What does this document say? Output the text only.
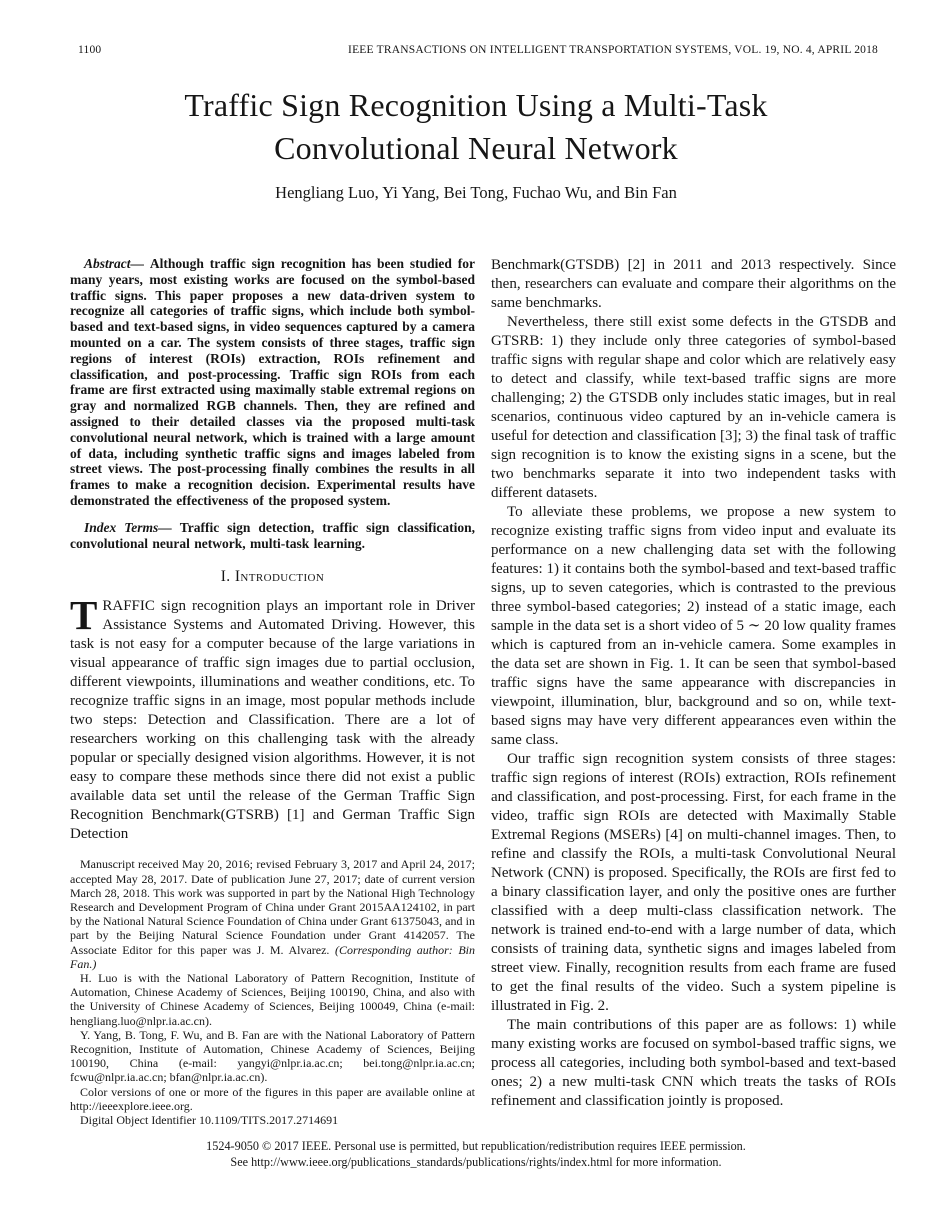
1100	IEEE TRANSACTIONS ON INTELLIGENT TRANSPORTATION SYSTEMS, VOL. 19, NO. 4, APRIL 2018
Traffic Sign Recognition Using a Multi-Task
Convolutional Neural Network
Hengliang Luo, Yi Yang, Bei Tong, Fuchao Wu, and Bin Fan

Abstract— Although traffic sign recognition has been studied for many years, most existing works are focused on the symbol-based traffic signs. This paper proposes a new data-driven system to recognize all categories of traffic signs, which include both symbol-based and text-based signs, in video sequences captured by a camera mounted on a car. The system consists of three stages, traffic sign regions of interest (ROIs) extraction, ROIs refinement and classification, and post-processing. Traffic sign ROIs from each frame are first extracted using maximally stable extremal regions on gray and normalized RGB channels. Then, they are refined and assigned to their detailed classes via the proposed multi-task convolutional neural network, which is trained with a large amount of data, including synthetic traffic signs and images labeled from street views. The post-processing finally combines the results in all frames to make a recognition decision. Experimental results have demonstrated the effectiveness of the proposed system.

Index Terms— Traffic sign detection, traffic sign classification, convolutional neural network, multi-task learning.

I. Introduction

TRAFFIC sign recognition plays an important role in Driver Assistance Systems and Automated Driving. However, this task is not easy for a computer because of the large variations in visual appearance of traffic sign images due to partial occlusion, different viewpoints, illuminations and weather conditions, etc. To recognize traffic signs in an image, most popular methods include two steps: Detection and Classification. There are a lot of researchers working on this challenging task with the already popular or specially designed vision algorithms. However, it is not easy to compare these methods since there did not exist a public available data set until the release of the German Traffic Sign Recognition Benchmark(GTSRB) [1] and German Traffic Sign Detection

Manuscript received May 20, 2016; revised February 3, 2017 and April 24, 2017; accepted May 28, 2017. Date of publication June 27, 2017; date of current version March 28, 2018. This work was supported in part by the National High Technology Research and Development Program of China under Grant 2015AA124102, in part by the National Natural Science Foundation of China under Grant 61375043, and in part by the Beijing Natural Science Foundation under Grant 4142057. The Associate Editor for this paper was J. M. Alvarez. (Corresponding author: Bin Fan.)

H. Luo is with the National Laboratory of Pattern Recognition, Institute of Automation, Chinese Academy of Sciences, Beijing 100190, China, and also with the University of Chinese Academy of Sciences, Beijing 100049, China (e-mail: hengliang.luo@nlpr.ia.ac.cn).

Y. Yang, B. Tong, F. Wu, and B. Fan are with the National Laboratory of Pattern Recognition, Institute of Automation, Chinese Academy of Sciences, Beijing 100190, China (e-mail: yangyi@nlpr.ia.ac.cn; bei.tong@nlpr.ia.ac.cn; fcwu@nlpr.ia.ac.cn; bfan@nlpr.ia.ac.cn).

Color versions of one or more of the figures in this paper are available online at http://ieeexplore.ieee.org.

Digital Object Identifier 10.1109/TITS.2017.2714691

Benchmark(GTSDB) [2] in 2011 and 2013 respectively. Since then, researchers can evaluate and compare their algorithms on the same benchmarks.

Nevertheless, there still exist some defects in the GTSDB and GTSRB: 1) they include only three categories of symbol-based traffic signs with regular shape and color which are relatively easy to detect and classify, while text-based traffic signs are more challenging; 2) the GTSDB only includes static images, but in real scenarios, continuous video captured by an in-vehicle camera is useful for detection and classification [3]; 3) the final task of traffic sign recognition is to know the existing signs in a scene, but the two benchmarks separate it into two independent tasks with different datasets.

To alleviate these problems, we propose a new system to recognize existing traffic signs from video input and evaluate its performance on a new challenging data set with the following features: 1) it contains both the symbol-based and text-based traffic signs, up to seven categories, which is contrasted to the previous three symbol-based categories; 2) instead of a static image, each sample in the data set is a short video of 5 ∼ 20 low quality frames which is captured from an in-vehicle camera. Some examples in the data set are shown in Fig. 1. It can be seen that symbol-based traffic signs have the same appearance with discrepancies in viewpoint, illumination, blur, background and so on, while text-based signs may have very different appearances even within the same class.

Our traffic sign recognition system consists of three stages: traffic sign regions of interest (ROIs) extraction, ROIs refinement and classification, and post-processing. First, for each frame in the video, traffic sign ROIs are detected with Maximally Stable Extremal Regions (MSERs) [4] on multi-channel images. Then, to refine and classify the ROIs, a multi-task Convolutional Neural Network (CNN) is proposed. Specifically, the ROIs are first fed to a binary classification layer, and only the positive ones are further classified with a deep multi-class classification network. The network is trained end-to-end with a large number of data, which consists of training data, synthetic signs and images labeled from street view. Finally, recognition results from each frame are fused to get the final results of the video. Such a system pipeline is illustrated in Fig. 2.

The main contributions of this paper are as follows: 1) while many existing works are focused on symbol-based traffic signs, we process all categories, including both symbol-based and text-based ones; 2) a new multi-task CNN which treats the tasks of ROIs refinement and classification jointly is proposed.

1524-9050 © 2017 IEEE. Personal use is permitted, but republication/redistribution requires IEEE permission.
See http://www.ieee.org/publications_standards/publications/rights/index.html for more information.
